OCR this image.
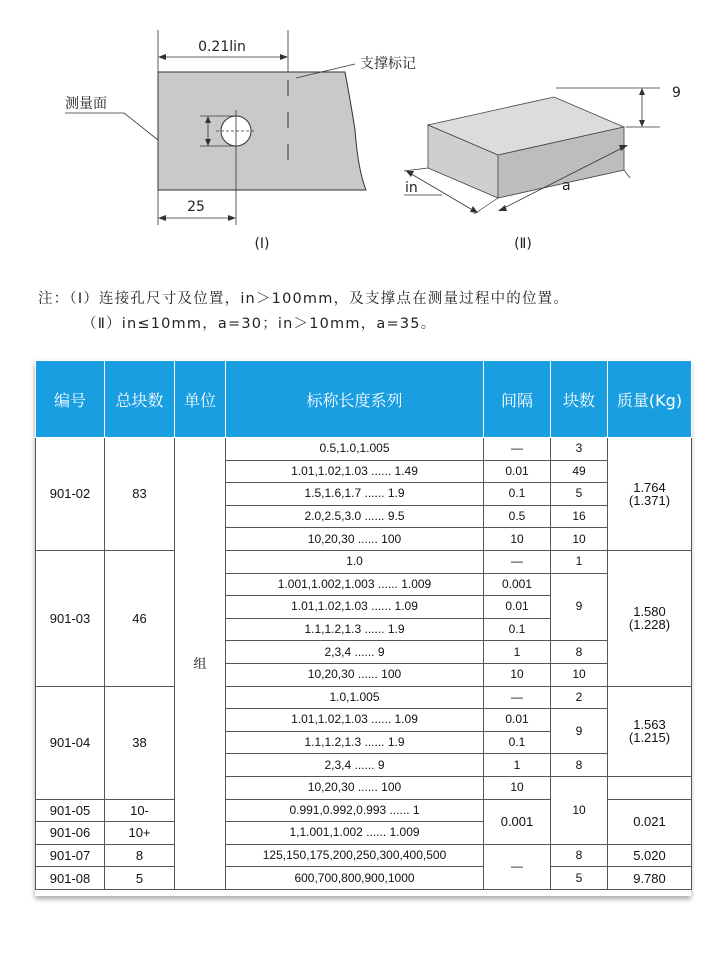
0.21lin
支撑标记
测量面
25
(Ⅰ)
9
in	a
(Ⅱ)
注：（Ⅰ）连接孔尺寸及位置，in＞100mm，及支撑点在测量过程中的位置。
（Ⅱ）in≤10mm，a=30；in＞10mm，a=35。
编号	总块数	单位	标称长度系列	间隔	块数	质量(Kg)
901-02	83	组	0.5,1.0,1.005	—	3	1.764
(1.371)

			1.01,1.02,1.03 ...... 1.49	0.01	49	
			1.5,1.6,1.7 ...... 1.9	0.1	5	
			2.0,2.5,3.0 ...... 9.5	0.5	16	
			10,20,30 ...... 100	10	10	
901-03	46		1.0	—	1	1.580
(1.228)

			1.001,1.002,1.003 ...... 1.009	0.001	9	
			1.01,1.02,1.03 ...... 1.09	0.01		
			1.1,1.2,1.3 ...... 1.9	0.1		
			2,3,4 ...... 9	1	8	
			10,20,30 ...... 100	10	10	
901-04	38		1.0,1.005	—	2	1.563
(1.215)

			1.01,1.02,1.03 ...... 1.09	0.01	9	
			1.1,1.2,1.3 ...... 1.9	0.1		
			2,3,4 ...... 9	1	8	
			10,20,30 ...... 100	10	10	
901-05	10-		0.991,0.992,0.993 ...... 1	0.001		0.021
901-06	10+		1,1.001,1.002 ...... 1.009			
901-07	8		125,150,175,200,250,300,400,500	—	8	5.020
901-08	5		600,700,800,900,1000		5	9.780
